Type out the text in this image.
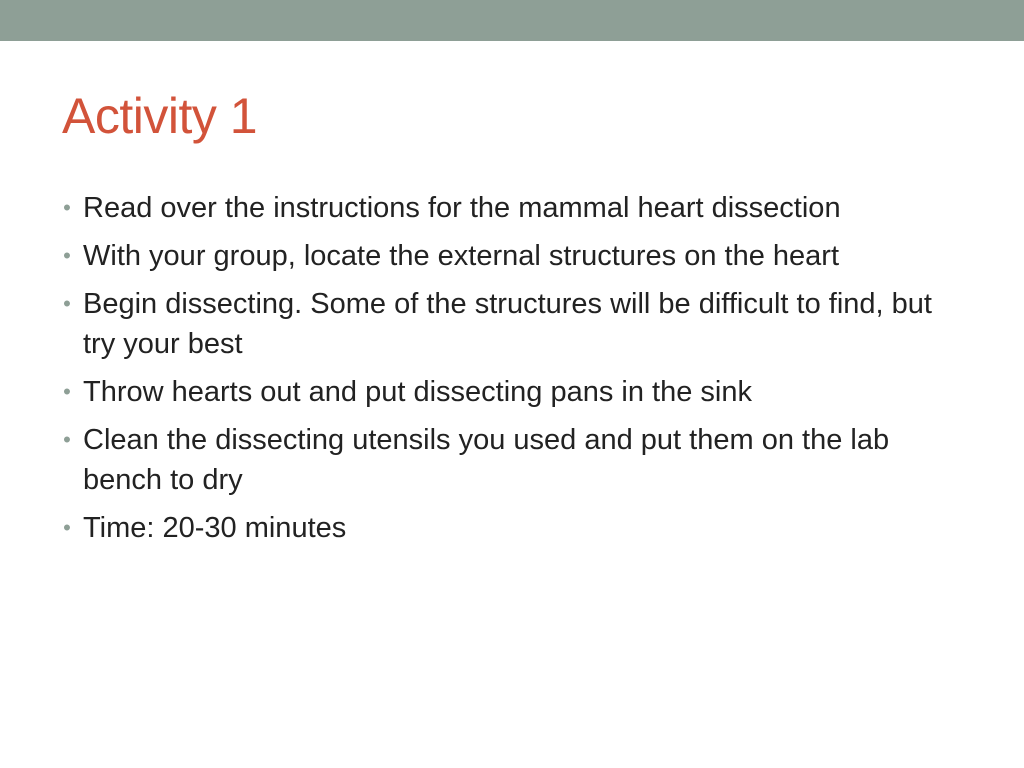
Activity 1
• Read over the instructions for the mammal heart dissection
• With your group, locate the external structures on the heart
• Begin dissecting. Some of the structures will be difficult to find, but try your best
• Throw hearts out and put dissecting pans in the sink
• Clean the dissecting utensils you used and put them on the lab bench to dry
• Time: 20-30 minutes
